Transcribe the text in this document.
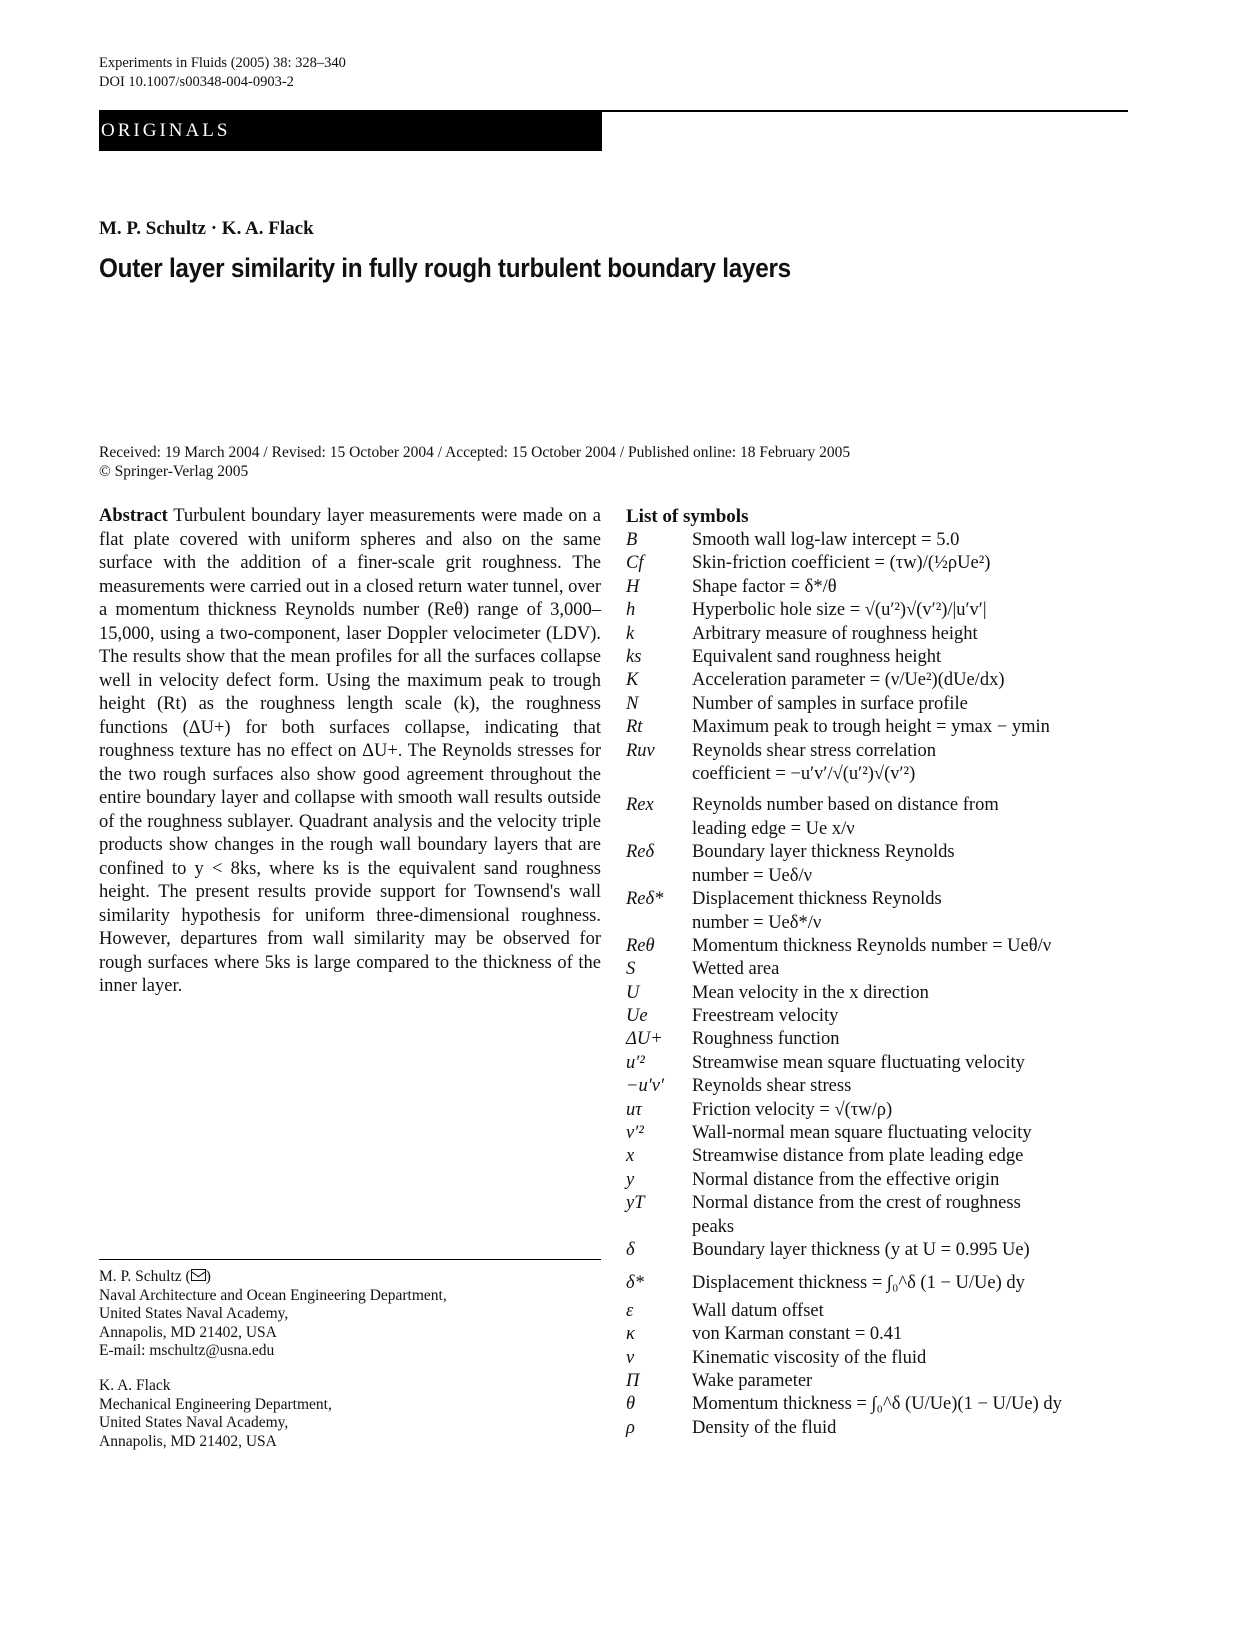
Experiments in Fluids (2005) 38: 328–340
DOI 10.1007/s00348-004-0903-2
ORIGINALS
M. P. Schultz · K. A. Flack
Outer layer similarity in fully rough turbulent boundary layers
Received: 19 March 2004 / Revised: 15 October 2004 / Accepted: 15 October 2004 / Published online: 18 February 2005
© Springer-Verlag 2005
Abstract Turbulent boundary layer measurements were made on a flat plate covered with uniform spheres and also on the same surface with the addition of a finer-scale grit roughness. The measurements were carried out in a closed return water tunnel, over a momentum thickness Reynolds number (Reθ) range of 3,000–15,000, using a two-component, laser Doppler velocimeter (LDV). The results show that the mean profiles for all the surfaces collapse well in velocity defect form. Using the maximum peak to trough height (Rt) as the roughness length scale (k), the roughness functions (ΔU+) for both surfaces collapse, indicating that roughness texture has no effect on ΔU+. The Reynolds stresses for the two rough surfaces also show good agreement throughout the entire boundary layer and collapse with smooth wall results outside of the roughness sublayer. Quadrant analysis and the velocity triple products show changes in the rough wall boundary layers that are confined to y < 8ks, where ks is the equivalent sand roughness height. The present results provide support for Townsend's wall similarity hypothesis for uniform three-dimensional roughness. However, departures from wall similarity may be observed for rough surfaces where 5ks is large compared to the thickness of the inner layer.
M. P. Schultz ( )
Naval Architecture and Ocean Engineering Department,
United States Naval Academy,
Annapolis, MD 21402, USA
E-mail: mschultz@usna.edu
K. A. Flack
Mechanical Engineering Department,
United States Naval Academy,
Annapolis, MD 21402, USA
List of symbols
B	Smooth wall log-law intercept = 5.0
Cf	Skin-friction coefficient = (τw)/(½ρUe²)
H	Shape factor = δ*/θ
h	Hyperbolic hole size = √(u′²)√(v′²)/|u′v′|
k	Arbitrary measure of roughness height
ks	Equivalent sand roughness height
K	Acceleration parameter = (ν/Ue²)(dUe/dx)
N	Number of samples in surface profile
Rt	Maximum peak to trough height = ymax − ymin
Ruv	Reynolds shear stress correlation
coefficient = −u′v′/√(u′²)√(v′²)
Rex	Reynolds number based on distance from
leading edge = Ue x/ν
Reδ	Boundary layer thickness Reynolds
number = Ueδ/ν
Reδ*	Displacement thickness Reynolds
number = Ueδ*/ν
Reθ	Momentum thickness Reynolds number = Ueθ/ν
S	Wetted area
U	Mean velocity in the x direction
Ue	Freestream velocity
ΔU+	Roughness function
u′²	Streamwise mean square fluctuating velocity
−u′v′	Reynolds shear stress
uτ	Friction velocity = √(τw/ρ)
v′²	Wall-normal mean square fluctuating velocity
x	Streamwise distance from plate leading edge
y	Normal distance from the effective origin
yT	Normal distance from the crest of roughness
peaks
δ	Boundary layer thickness (y at U = 0.995 Ue)
δ*	Displacement thickness = ∫₀^δ (1 − U/Ue) dy
ε	Wall datum offset
κ	von Karman constant = 0.41
ν	Kinematic viscosity of the fluid
Π	Wake parameter
θ	Momentum thickness = ∫₀^δ (U/Ue)(1 − U/Ue) dy
ρ	Density of the fluid
